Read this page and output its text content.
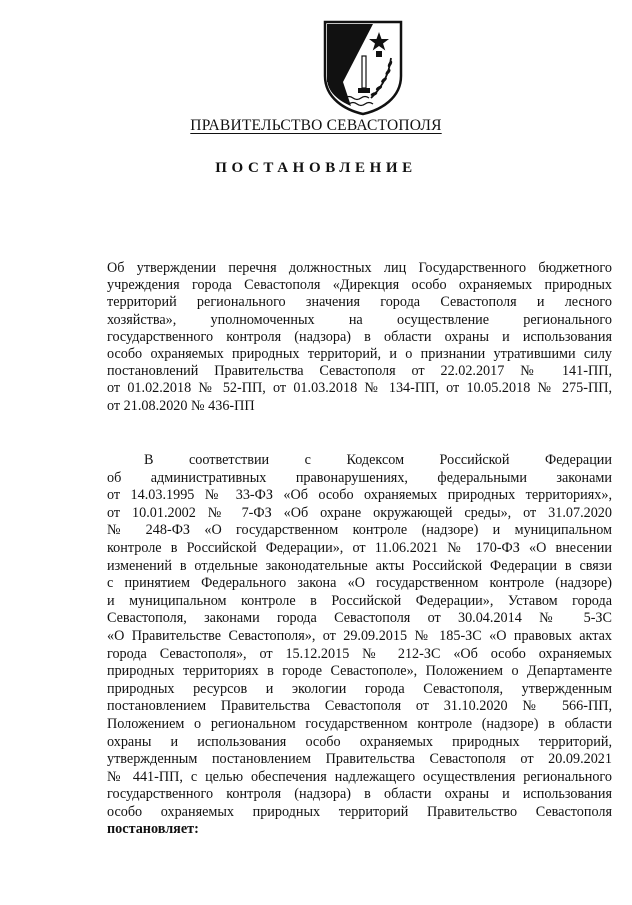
ПРАВИТЕЛЬСТВО СЕВАСТОПОЛЯ
ПОСТАНОВЛЕНИЕ
Об утверждении перечня должностных лиц Государственного бюджетного
учреждения города Севастополя «Дирекция особо охраняемых природных
территорий регионального значения города Севастополя и лесного
хозяйства», уполномоченных на осуществление регионального
государственного контроля (надзора) в области охраны и использования
особо охраняемых природных территорий, и о признании утратившими силу
постановлений Правительства Севастополя от 22.02.2017 № 141-ПП,
от 01.02.2018 № 52-ПП, от 01.03.2018 № 134-ПП, от 10.05.2018 № 275-ПП,
от 21.08.2020 № 436-ПП
В соответствии с Кодексом Российской Федерации
об административных правонарушениях, федеральными законами
от 14.03.1995 № 33-ФЗ «Об особо охраняемых природных территориях»,
от 10.01.2002 № 7-ФЗ «Об охране окружающей среды», от 31.07.2020
№ 248-ФЗ «О государственном контроле (надзоре) и муниципальном
контроле в Российской Федерации», от 11.06.2021 № 170-ФЗ «О внесении
изменений в отдельные законодательные акты Российской Федерации в связи
с принятием Федерального закона «О государственном контроле (надзоре)
и муниципальном контроле в Российской Федерации», Уставом города
Севастополя, законами города Севастополя от 30.04.2014 № 5-ЗС
«О Правительстве Севастополя», от 29.09.2015 № 185-ЗС «О правовых актах
города Севастополя», от 15.12.2015 № 212-ЗС «Об особо охраняемых
природных территориях в городе Севастополе», Положением о Департаменте
природных ресурсов и экологии города Севастополя, утвержденным
постановлением Правительства Севастополя от 31.10.2020 № 566-ПП,
Положением о региональном государственном контроле (надзоре) в области
охраны и использования особо охраняемых природных территорий,
утвержденным постановлением Правительства Севастополя от 20.09.2021
№ 441-ПП, с целью обеспечения надлежащего осуществления регионального
государственного контроля (надзора) в области охраны и использования
особо охраняемых природных территорий Правительство Севастополя
постановляет:
